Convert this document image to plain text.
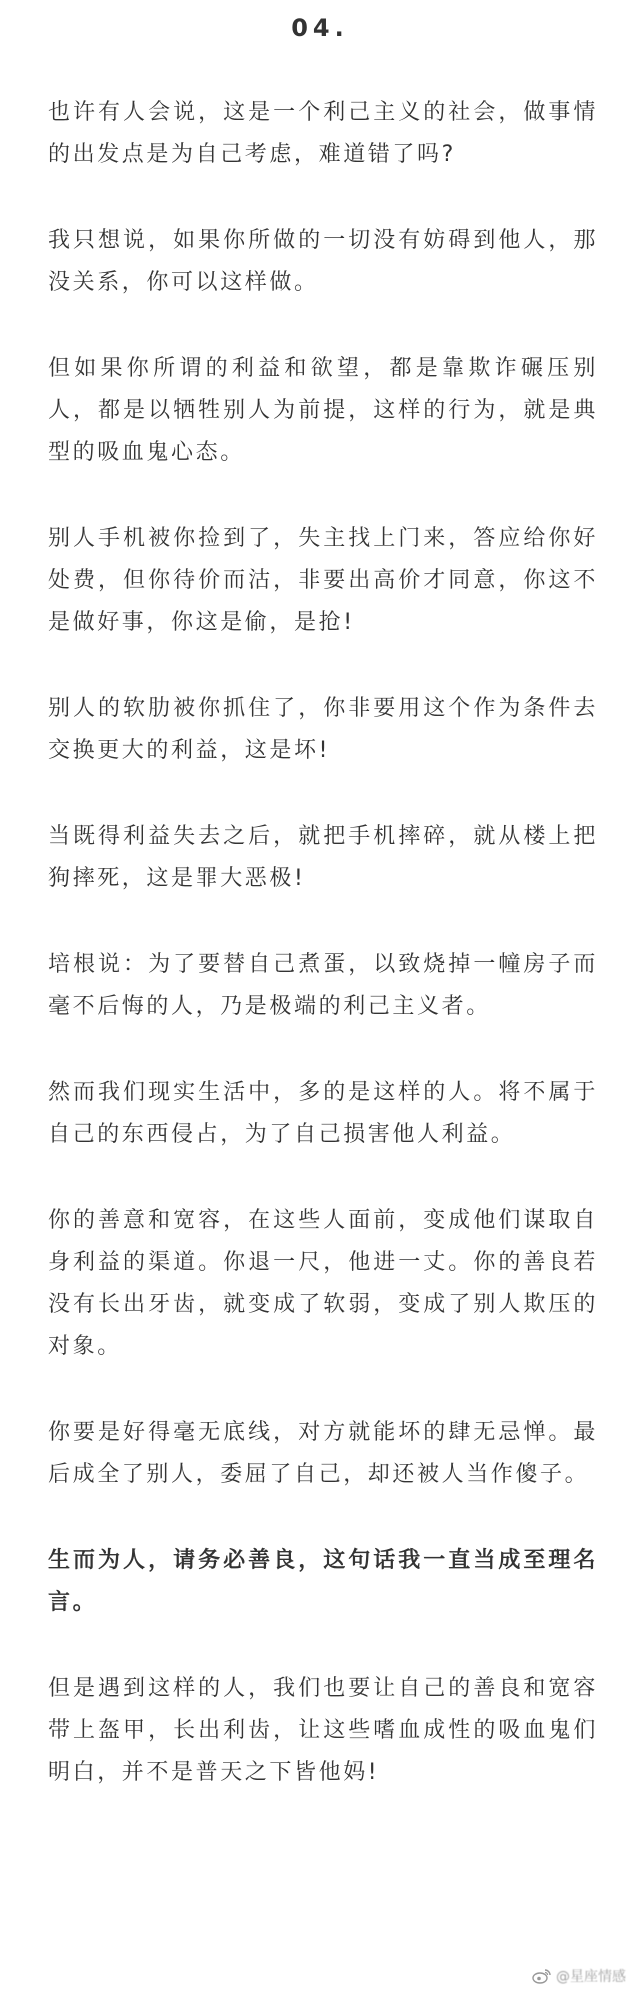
04.

也许有人会说，这是一个利己主义的社会，做事情的出发点是为自己考虑，难道错了吗?

我只想说，如果你所做的一切没有妨碍到他人，那没关系，你可以这样做。

但如果你所谓的利益和欲望，都是靠欺诈碾压别人，都是以牺牲别人为前提，这样的行为，就是典型的吸血鬼心态。

别人手机被你捡到了，失主找上门来，答应给你好处费，但你待价而沽，非要出高价才同意，你这不是做好事，你这是偷，是抢!

别人的软肋被你抓住了，你非要用这个作为条件去交换更大的利益，这是坏!

当既得利益失去之后，就把手机摔碎，就从楼上把狗摔死，这是罪大恶极!

培根说：为了要替自己煮蛋，以致烧掉一幢房子而毫不后悔的人，乃是极端的利己主义者。

然而我们现实生活中，多的是这样的人。将不属于自己的东西侵占，为了自己损害他人利益。

你的善意和宽容，在这些人面前，变成他们谋取自身利益的渠道。你退一尺，他进一丈。你的善良若没有长出牙齿，就变成了软弱，变成了别人欺压的对象。

你要是好得毫无底线，对方就能坏的肆无忌惮。最后成全了别人，委屈了自己，却还被人当作傻子。

生而为人，请务必善良，这句话我一直当成至理名言。

但是遇到这样的人，我们也要让自己的善良和宽容带上盔甲，长出利齿，让这些嗜血成性的吸血鬼们明白，并不是普天之下皆他妈!

@星座情感
